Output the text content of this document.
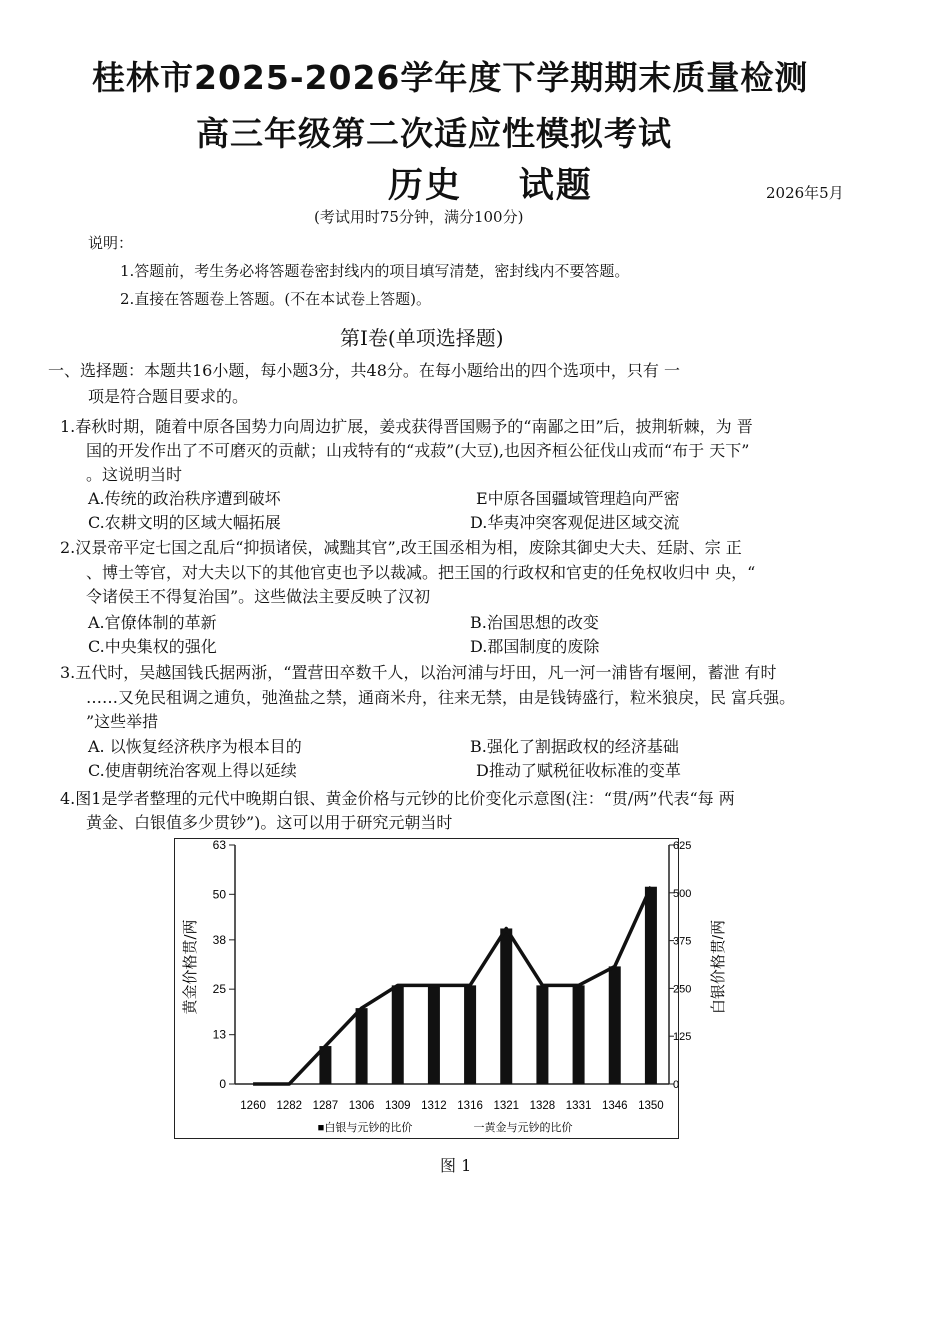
桂林市2025-2026学年度下学期期末质量检测
高三年级第二次适应性模拟考试
历史    试题	2026年5月
(考试用时75分钟，满分100分)
说明：
1.答题前，考生务必将答题卷密封线内的项目填写清楚，密封线内不要答题。
2.直接在答题卷上答题。(不在本试卷上答题)。
第I卷(单项选择题)
一、选择题：本题共16小题，每小题3分，共48分。在每小题给出的四个选项中，只有 一
项是符合题目要求的。
1.春秋时期，随着中原各国势力向周边扩展，姜戎获得晋国赐予的“南鄙之田”后，披荆斩棘，为 晋
国的开发作出了不可磨灭的贡献；山戎特有的“戎菽”(大豆),也因齐桓公征伐山戎而“布于 天下”
。这说明当时
A.传统的政治秩序遭到破坏	E中原各国疆域管理趋向严密
C.农耕文明的区域大幅拓展	D.华夷冲突客观促进区域交流
2.汉景帝平定七国之乱后“抑损诸侯，减黜其官”,改王国丞相为相，废除其御史大夫、廷尉、宗 正
、博士等官，对大夫以下的其他官吏也予以裁减。把王国的行政权和官吏的任免权收归中 央，“
令诸侯王不得复治国”。这些做法主要反映了汉初
A.官僚体制的革新	B.治国思想的改变
C.中央集权的强化	D.郡国制度的废除
3.五代时，吴越国钱氏据两浙，“置营田卒数千人，以治河浦与圩田，凡一河一浦皆有堰闸，蓄泄 有时
……又免民租调之逋负，弛渔盐之禁，通商米舟，往来无禁，由是钱铸盛行，粒米狼戾，民 富兵强。
”这些举措
A. 以恢复经济秩序为根本目的	B.强化了割据政权的经济基础
C.使唐朝统治客观上得以延续	D推动了赋税征收标准的变革
4.图1是学者整理的元代中晚期白银、黄金价格与元钞的比价变化示意图(注：“贯/两”代表“每 两
黄金、白银值多少贯钞”)。这可以用于研究元朝当时
0
13
25
38
50
63
0
125
250
375
500
625
黄金价格贯/两	白银价格贯/两
1260 1282 1287 1306 1309 1312 1316 1321 1328 1331 1346 1350
■白银与元钞的比价	一黄金与元钞的比价
图 1
